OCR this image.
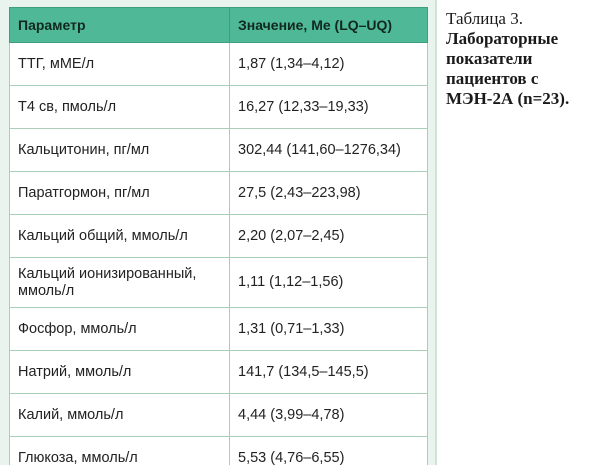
Параметр	Значение, Me (LQ–UQ)
ТТГ, мМЕ/л	1,87 (1,34–4,12)
Т4 св, пмоль/л	16,27 (12,33–19,33)
Кальцитонин, пг/мл	302,44 (141,60–1276,34)
Паратгормон, пг/мл	27,5 (2,43–223,98)
Кальций общий, ммоль/л	2,20 (2,07–2,45)
Кальций ионизированный, ммоль/л	1,11 (1,12–1,56)
Фосфор, ммоль/л	1,31 (0,71–1,33)
Натрий, ммоль/л	141,7 (134,5–145,5)
Калий, ммоль/л	4,44 (3,99–4,78)
Глюкоза, ммоль/л	5,53 (4,76–6,55)
Таблица 3.
Лабораторные показатели пациентов с МЭН-2А (n=23).
